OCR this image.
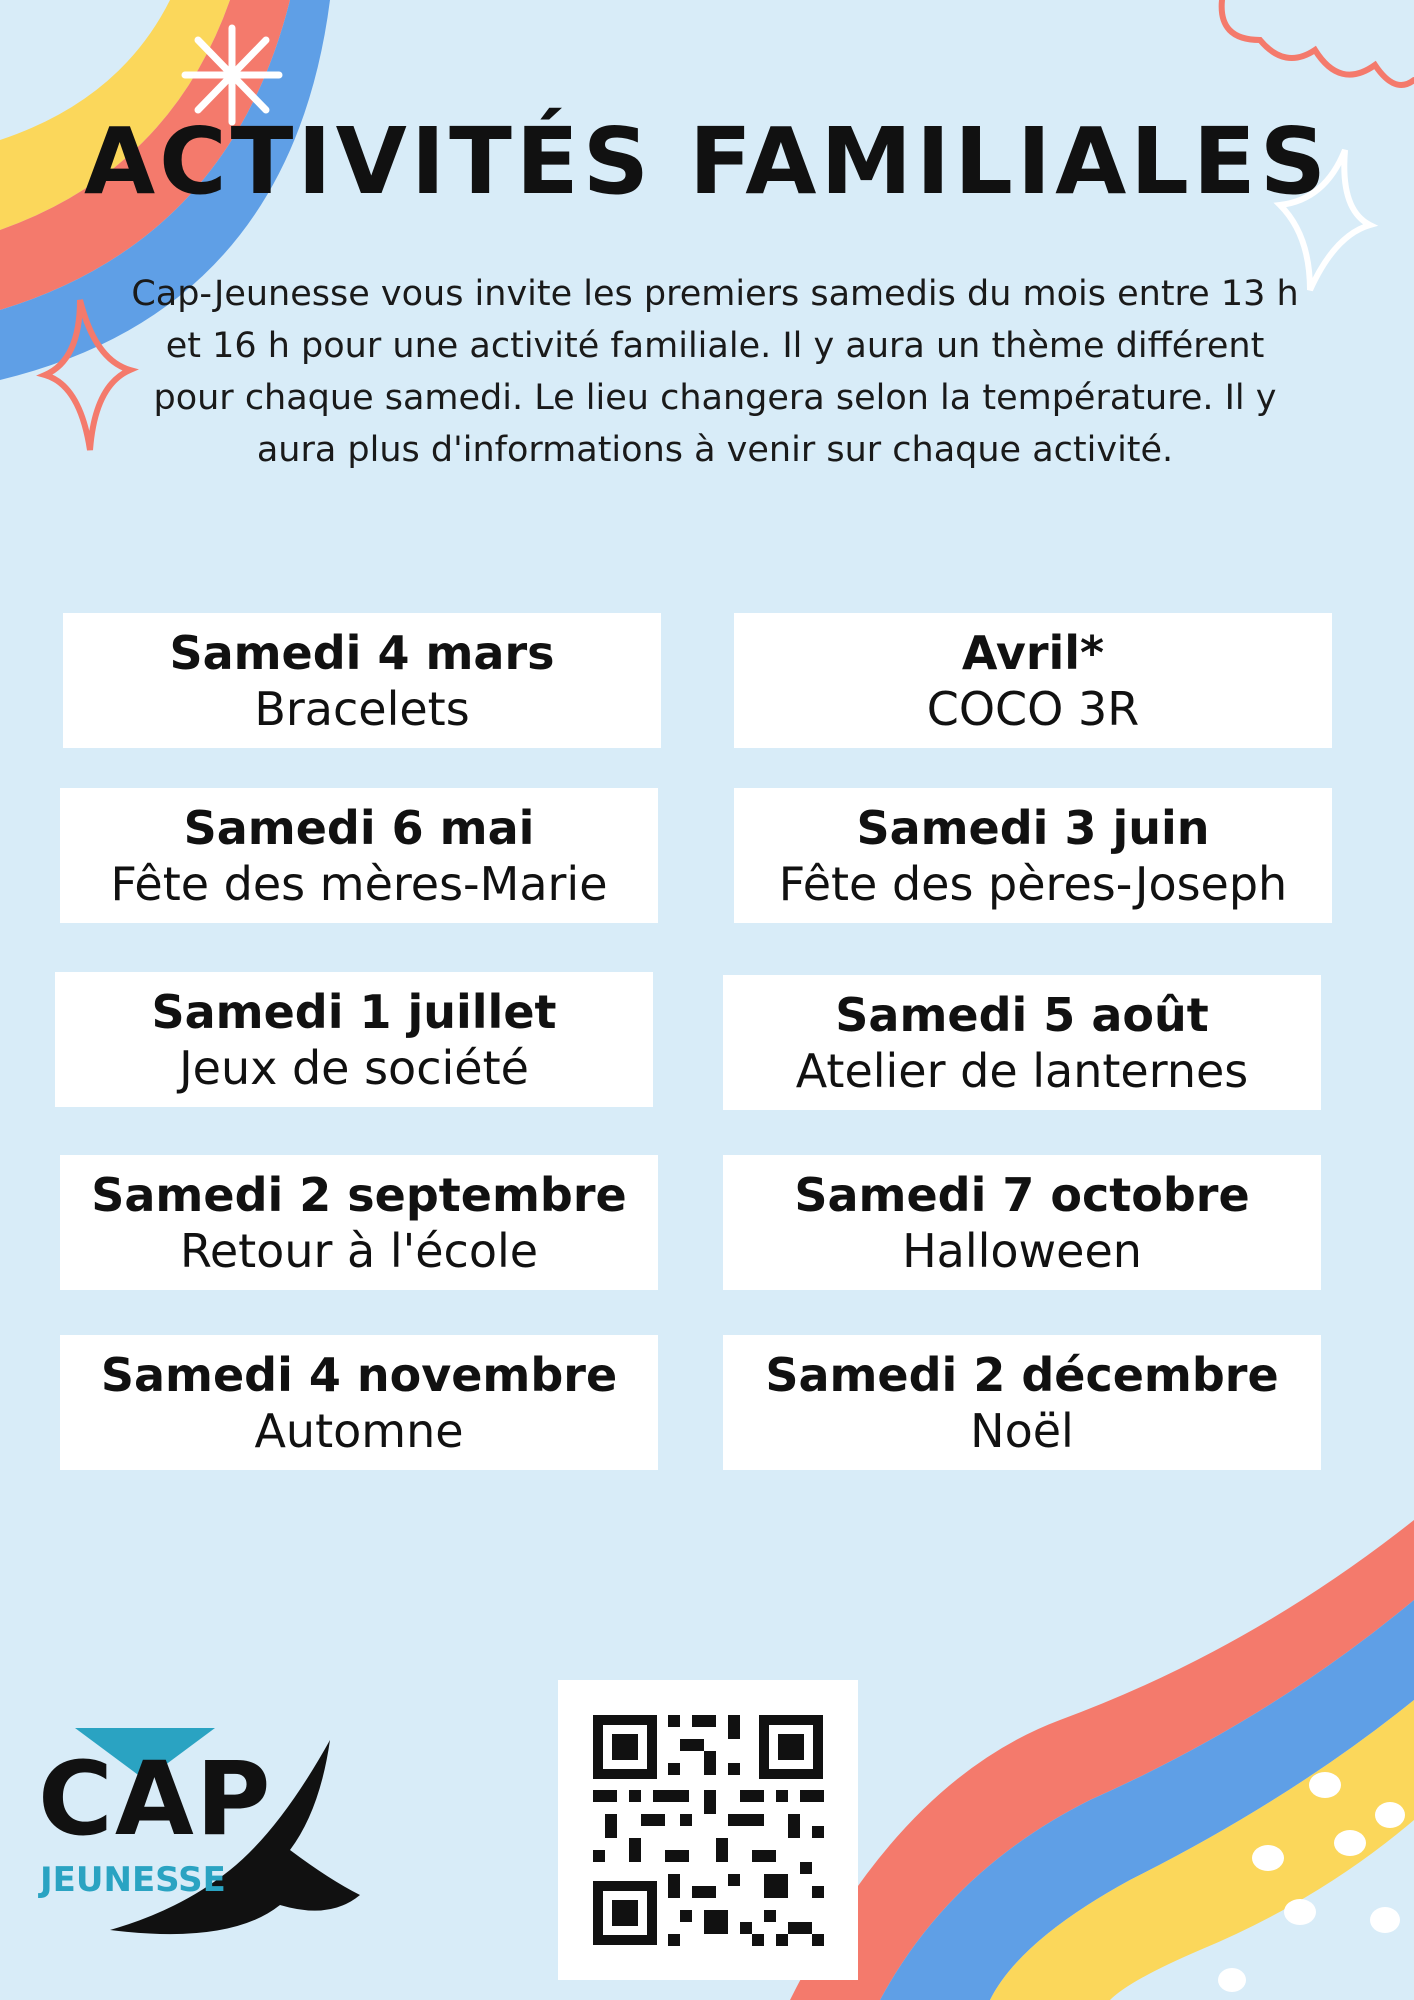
ACTIVITÉS FAMILIALES

Cap-Jeunesse vous invite les premiers samedis du mois entre 13 h et 16 h pour une activité familiale. Il y aura un thème différent pour chaque samedi. Le lieu changera selon la température. Il y aura plus d'informations à venir sur chaque activité.

Samedi 4 mars
Bracelets
Avril*
COCO 3R
Samedi 6 mai
Fête des mères-Marie
Samedi 3 juin
Fête des pères-Joseph
Samedi 1 juillet
Jeux de société
Samedi 5 août
Atelier de lanternes
Samedi 2 septembre
Retour à l'école
Samedi 7 octobre
Halloween
Samedi 4 novembre
Automne
Samedi 2 décembre
Noël
CAP
JEUNESSE
